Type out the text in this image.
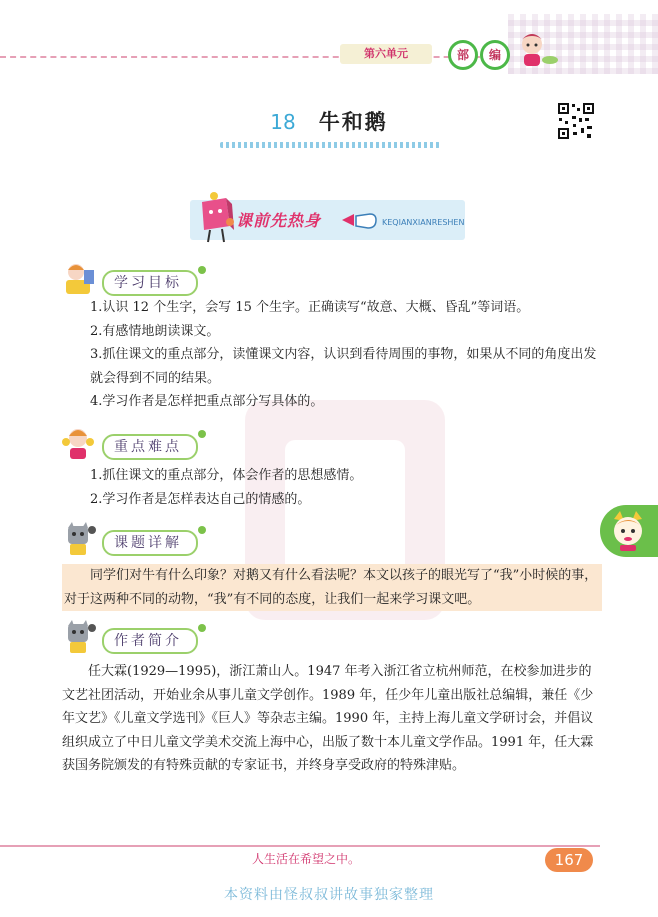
第六单元	部	编
18 牛和鹅
课前先热身	KEQIANXIANRESHEN
学习目标

1.认识 12 个生字，会写 15 个生字。正确读写“故意、大概、昏乱”等词语。

2.有感情地朗读课文。

3.抓住课文的重点部分，读懂课文内容，认识到看待周围的事物，如果从不同的角度出发就会得到不同的结果。

4.学习作者是怎样把重点部分写具体的。

重点难点

1.抓住课文的重点部分，体会作者的思想感情。

2.学习作者是怎样表达自己的情感的。

课题详解

同学们对牛有什么印象？对鹅又有什么看法呢？本文以孩子的眼光写了“我”小时候的事，对于这两种不同的动物，“我”有不同的态度，让我们一起来学习课文吧。

作者简介

任大霖(1929—1995)，浙江萧山人。1947 年考入浙江省立杭州师范，在校参加进步的文艺社团活动，开始业余从事儿童文学创作。1989 年，任少年儿童出版社总编辑，兼任《少年文艺》《儿童文学选刊》《巨人》等杂志主编。1990 年，主持上海儿童文学研讨会，并倡议组织成立了中日儿童文学美术交流上海中心，出版了数十本儿童文学作品。1991 年，任大霖获国务院颁发的有特殊贡献的专家证书，并终身享受政府的特殊津贴。

人生活在希望之中。	167
本资料由怪叔叔讲故事独家整理
